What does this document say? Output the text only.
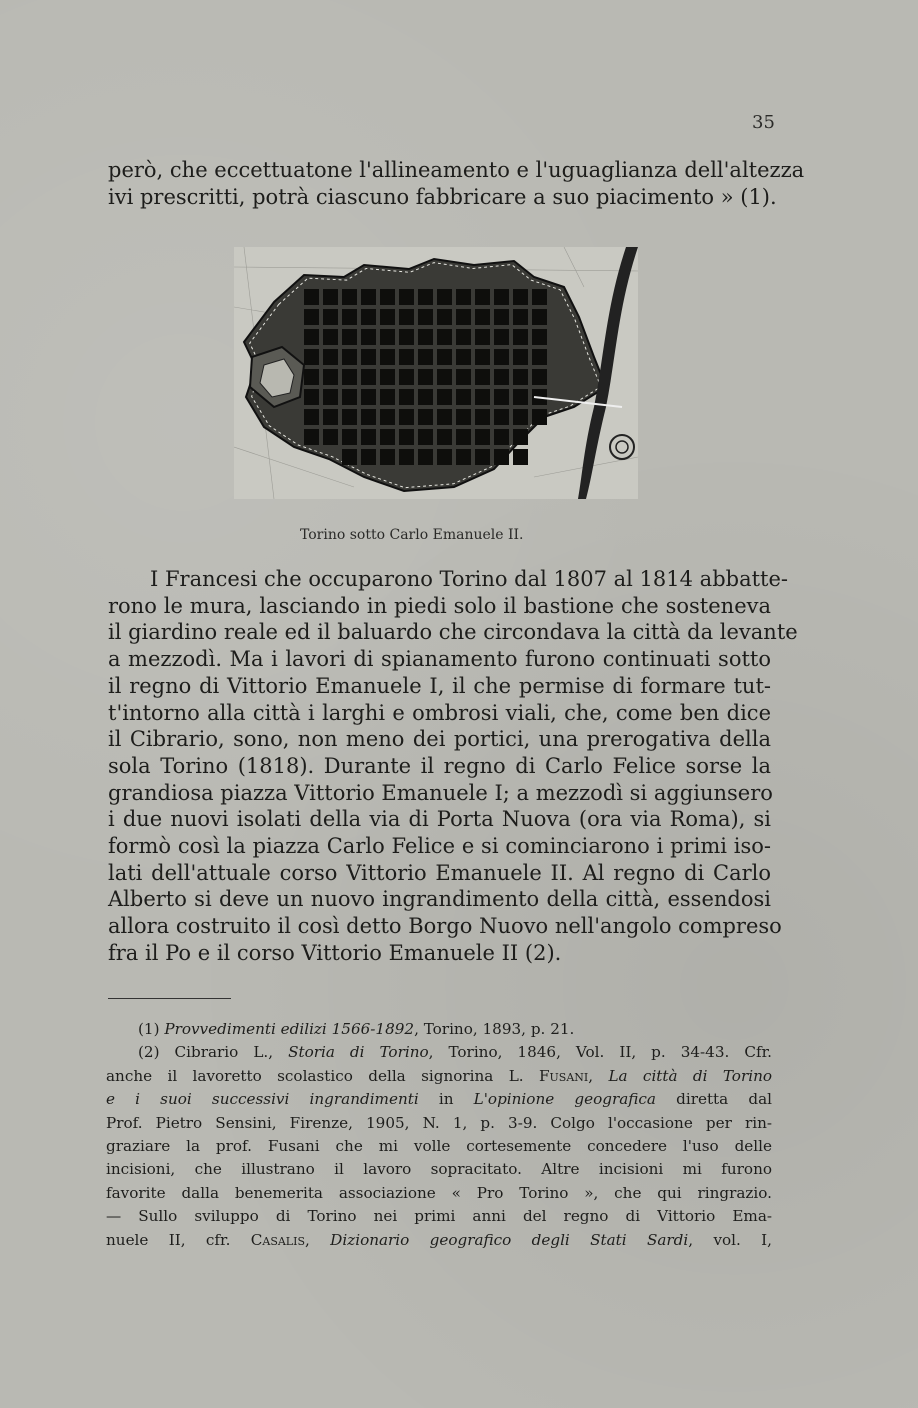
35

però, che eccettuatone l'allineamento e l'uguaglianza dell'altezza
ivi prescritti, potrà ciascuno fabbricare a suo piacimento » (1).

Torino sotto Carlo Emanuele II.

I Francesi che occuparono Torino dal 1807 al 1814 abbatte-
rono le mura, lasciando in piedi solo il bastione che sosteneva
il giardino reale ed il baluardo che circondava la città da levante
a mezzodì. Ma i lavori di spianamento furono continuati sotto
il regno di Vittorio Emanuele I, il che permise di formare tut-
t'intorno alla città i larghi e ombrosi viali, che, come ben dice
il Cibrario, sono, non meno dei portici, una prerogativa della
sola Torino (1818). Durante il regno di Carlo Felice sorse la
grandiosa piazza Vittorio Emanuele I; a mezzodì si aggiunsero
i due nuovi isolati della via di Porta Nuova (ora via Roma), si
formò così la piazza Carlo Felice e si cominciarono i primi iso-
lati dell'attuale corso Vittorio Emanuele II. Al regno di Carlo
Alberto si deve un nuovo ingrandimento della città, essendosi
allora costruito il così detto Borgo Nuovo nell'angolo compreso
fra il Po e il corso Vittorio Emanuele II (2).

(1) Provvedimenti edilizi 1566-1892, Torino, 1893, p. 21.
(2) Cibrario L., Storia di Torino, Torino, 1846, Vol. II, p. 34-43. Cfr.
anche il lavoretto scolastico della signorina L. Fusani, La città di Torino
e i suoi successivi ingrandimenti in L'opinione geografica diretta dal
Prof. Pietro Sensini, Firenze, 1905, N. 1, p. 3-9. Colgo l'occasione per rin-
graziare la prof. Fusani che mi volle cortesemente concedere l'uso delle
incisioni, che illustrano il lavoro sopracitato. Altre incisioni mi furono
favorite dalla benemerita associazione « Pro Torino », che qui ringrazio.
— Sullo sviluppo di Torino nei primi anni del regno di Vittorio Ema-
nuele II, cfr. Casalis, Dizionario geografico degli Stati Sardi, vol. I,
